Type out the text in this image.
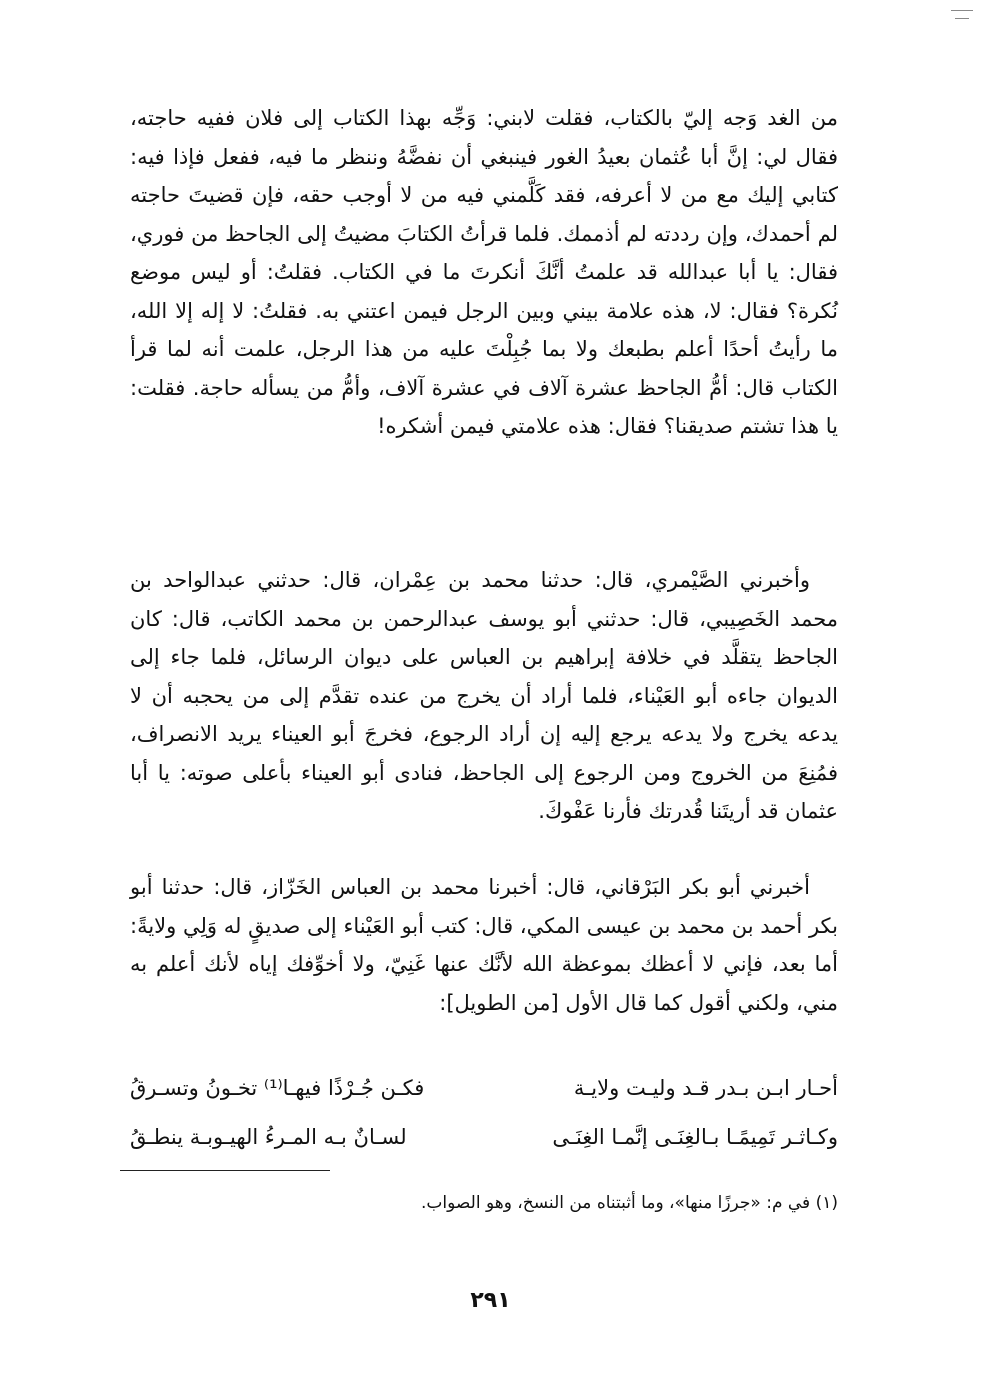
من الغد وَجه إليّ بالكتاب، فقلت لابني: وَجِّه بهذا الكتاب إلى فلان ففيه حاجته، فقال لي: إنَّ أبا عُثمان بعيدُ الغور فينبغي أن نفضَّهُ وننظر ما فيه، ففعل فإذا فيه: كتابي إليك مع من لا أعرفه، فقد كَلَّمني فيه من لا أوجب حقه، فإن قضيتَ حاجته لم أحمدك، وإن رددته لم أذممك. فلما قرأتُ الكتابَ مضيتُ إلى الجاحظ من فوري، فقال: يا أبا عبدالله قد علمتُ أنَّكَ أنكرتَ ما في الكتاب. فقلتُ: أو ليس موضع نُكرة؟ فقال: لا، هذه علامة بيني وبين الرجل فيمن اعتني به. فقلتُ: لا إله إلا الله، ما رأيتُ أحدًا أعلم بطبعك ولا بما جُبِلْتَ عليه من هذا الرجل، علمت أنه لما قرأ الكتاب قال: أمُّ الجاحظ عشرة آلاف في عشرة آلاف، وأمُّ من يسأله حاجة. فقلت: يا هذا تشتم صديقنا؟ فقال: هذه علامتي فيمن أشكره!

وأخبرني الصَّيْمري، قال: حدثنا محمد بن عِمْران، قال: حدثني عبدالواحد بن محمد الخَصِيبي، قال: حدثني أبو يوسف عبدالرحمن بن محمد الكاتب، قال: كان الجاحظ يتقلَّد في خلافة إبراهيم بن العباس على ديوان الرسائل، فلما جاء إلى الديوان جاءه أبو العَيْناء، فلما أراد أن يخرج من عنده تقدَّم إلى من يحجبه أن لا يدعه يخرج ولا يدعه يرجع إليه إن أراد الرجوع، فخرجَ أبو العيناء يريد الانصراف، فمُنِعَ من الخروج ومن الرجوع إلى الجاحظ، فنادى أبو العيناء بأعلى صوته: يا أبا عثمان قد أريتَنا قُدرتك فأرنا عَفْوكَ.

أخبرني أبو بكر البَرْقاني، قال: أخبرنا محمد بن العباس الخَزّاز، قال: حدثنا أبو بكر أحمد بن محمد بن عيسى المكي، قال: كتب أبو العَيْناء إلى صديقٍ له وَلِي ولايةً: أما بعد، فإني لا أعظك بموعظة الله لأنَّك عنها غَنِيّ، ولا أخوِّفك إياه لأنك أعلم به مني، ولكني أقول كما قال الأول [من الطويل]:

أحـار ابـن بـدر قـد وليـت ولايـة
فكـن جُـرْذًا فيهـا⁽¹⁾ تخـونُ وتسـرقُ
وكـاثـر تَمِيمًـا بـالغِنَـى إنَّمـا الغِنَـى
لسـانٌ بـه المـرءُ الهيـوبـة ينطـقُ
(١) في م: «جرزًا منها»، وما أثبتناه من النسخ، وهو الصواب.
٢٩١
